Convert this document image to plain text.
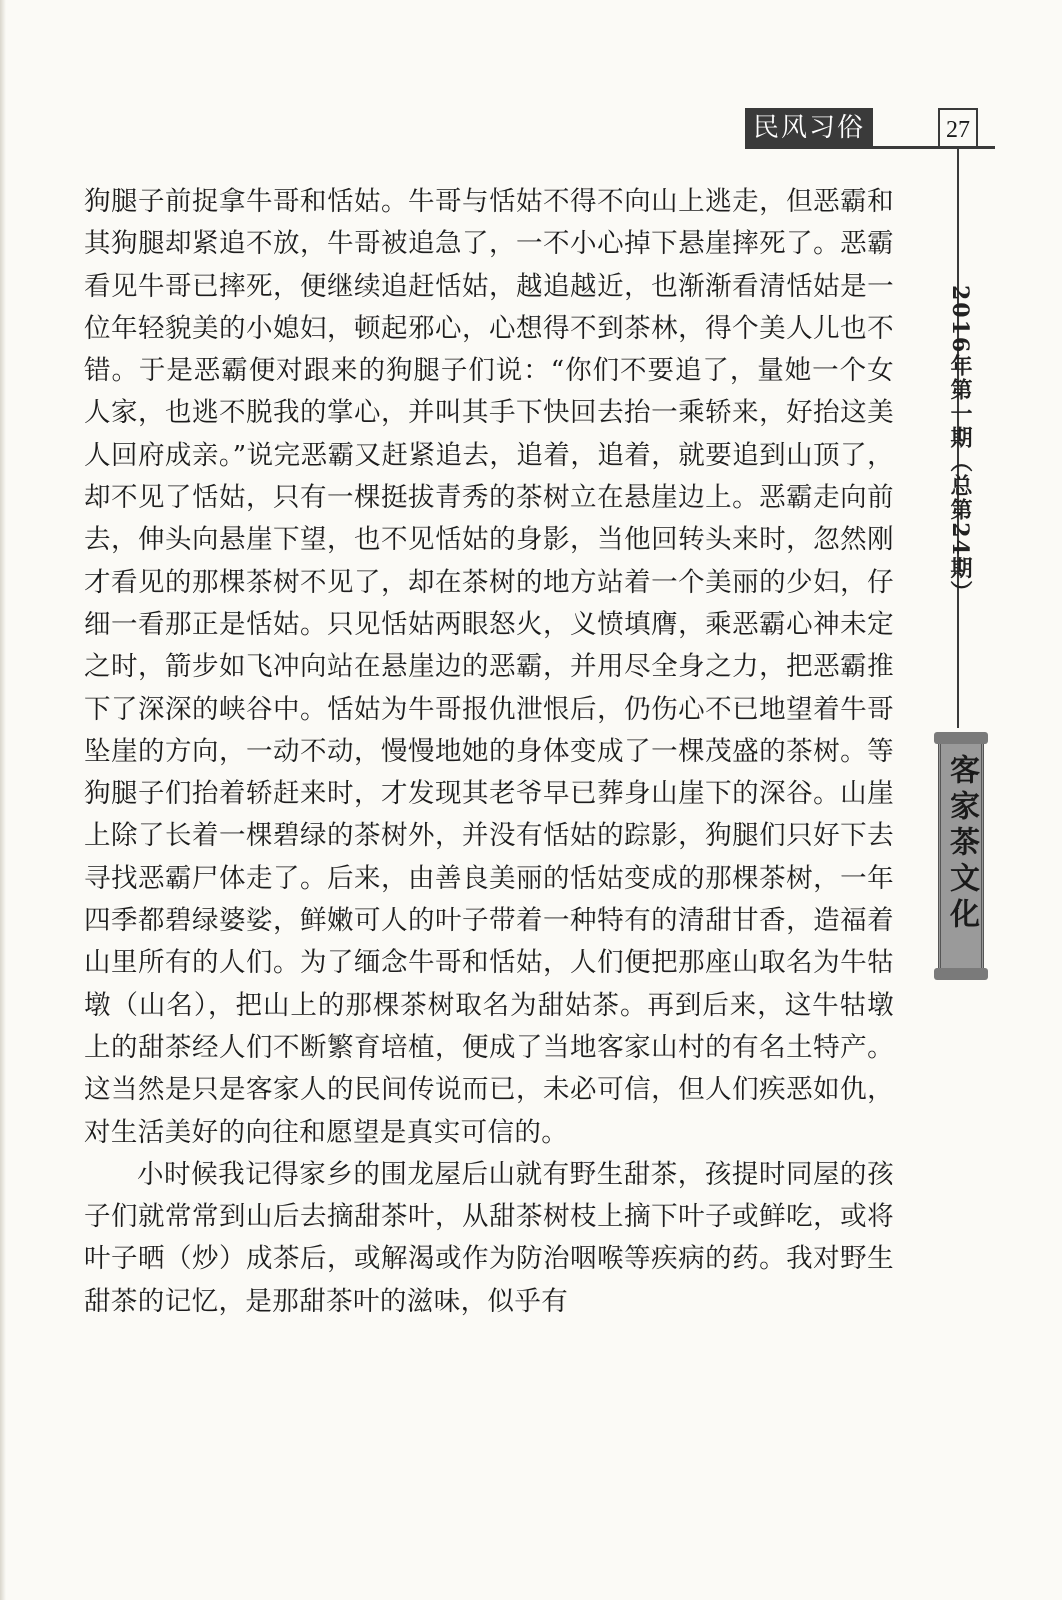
民风习俗	27
2016年第一期（总第24期）
客家茶文化

狗腿子前捉拿牛哥和恬姑。牛哥与恬姑不得不向山上逃走，但恶霸和其狗腿却紧追不放，牛哥被追急了，一不小心掉下悬崖摔死了。恶霸看见牛哥已摔死，便继续追赶恬姑，越追越近，也渐渐看清恬姑是一位年轻貌美的小媳妇，顿起邪心，心想得不到茶林，得个美人儿也不错。于是恶霸便对跟来的狗腿子们说：“你们不要追了，量她一个女人家，也逃不脱我的掌心，并叫其手下快回去抬一乘轿来，好抬这美人回府成亲。”说完恶霸又赶紧追去，追着，追着，就要追到山顶了，却不见了恬姑，只有一棵挺拔青秀的茶树立在悬崖边上。恶霸走向前去，伸头向悬崖下望，也不见恬姑的身影，当他回转头来时，忽然刚才看见的那棵茶树不见了，却在茶树的地方站着一个美丽的少妇，仔细一看那正是恬姑。只见恬姑两眼怒火，义愤填膺，乘恶霸心神未定之时，箭步如飞冲向站在悬崖边的恶霸，并用尽全身之力，把恶霸推下了深深的峡谷中。恬姑为牛哥报仇泄恨后，仍伤心不已地望着牛哥坠崖的方向，一动不动，慢慢地她的身体变成了一棵茂盛的茶树。等狗腿子们抬着轿赶来时，才发现其老爷早已葬身山崖下的深谷。山崖上除了长着一棵碧绿的茶树外，并没有恬姑的踪影，狗腿们只好下去寻找恶霸尸体走了。后来，由善良美丽的恬姑变成的那棵茶树，一年四季都碧绿婆娑，鲜嫩可人的叶子带着一种特有的清甜甘香，造福着山里所有的人们。为了缅念牛哥和恬姑，人们便把那座山取名为牛牯墩（山名），把山上的那棵茶树取名为甜姑茶。再到后来，这牛牯墩上的甜茶经人们不断繁育培植，便成了当地客家山村的有名土特产。这当然是只是客家人的民间传说而已，未必可信，但人们疾恶如仇，对生活美好的向往和愿望是真实可信的。

小时候我记得家乡的围龙屋后山就有野生甜茶，孩提时同屋的孩子们就常常到山后去摘甜茶叶，从甜茶树枝上摘下叶子或鲜吃，或将叶子晒（炒）成茶后，或解渴或作为防治咽喉等疾病的药。我对野生甜茶的记忆，是那甜茶叶的滋味，似乎有
